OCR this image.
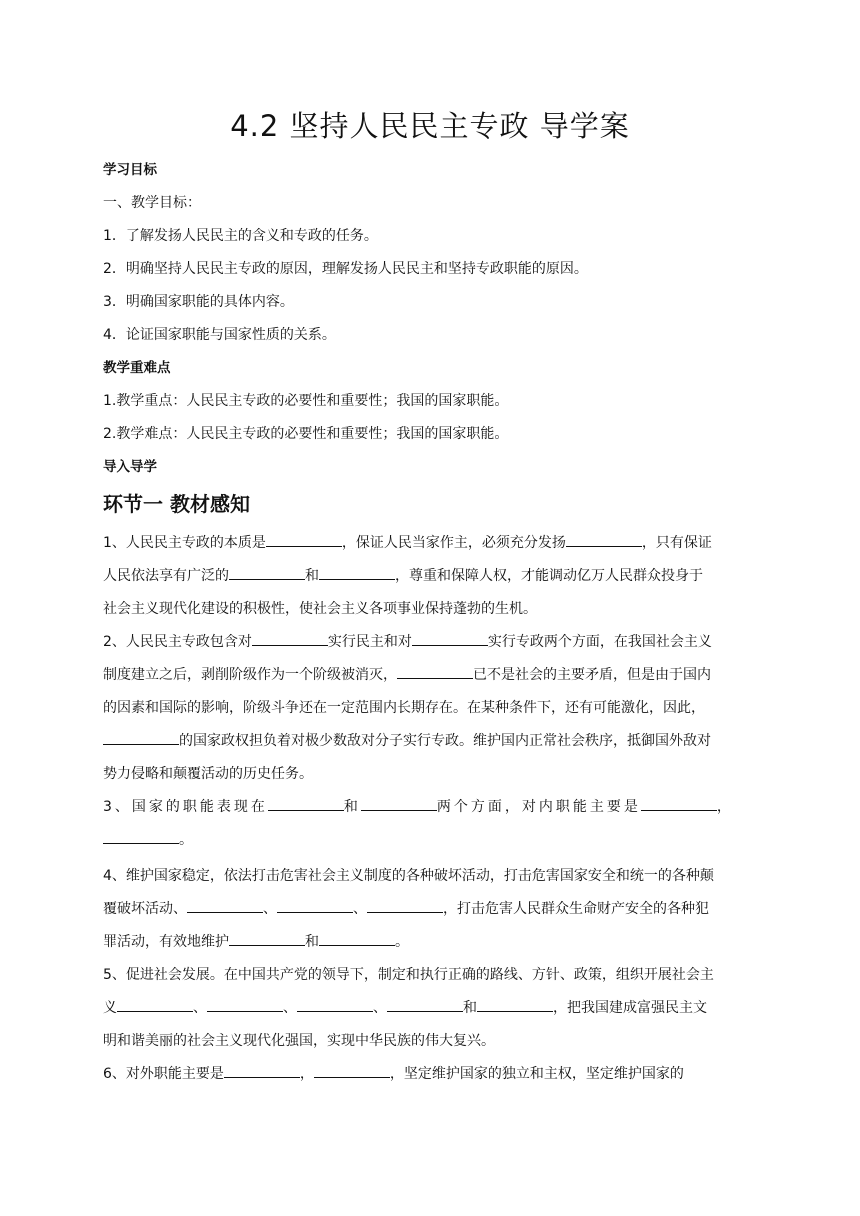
4.2 坚持人民民主专政 导学案
学习目标
一、教学目标：
1．了解发扬人民民主的含义和专政的任务。
2．明确坚持人民民主专政的原因，理解发扬人民民主和坚持专政职能的原因。
3．明确国家职能的具体内容。
4．论证国家职能与国家性质的关系。
教学重难点
1.教学重点：人民民主专政的必要性和重要性；我国的国家职能。
2.教学难点：人民民主专政的必要性和重要性；我国的国家职能。
导入导学
环节一 教材感知
1、人民民主专政的本质是	，保证人民当家作主，必须充分发扬	，只有保证
人民依法享有广泛的	和	，尊重和保障人权，才能调动亿万人民群众投身于
社会主义现代化建设的积极性，使社会主义各项事业保持蓬勃的生机。
2、人民民主专政包含对	实行民主和对	实行专政两个方面，在我国社会主义
制度建立之后，剥削阶级作为一个阶级被消灭，	已不是社会的主要矛盾，但是由于国内
的因素和国际的影响，阶级斗争还在一定范围内长期存在。在某种条件下，还有可能激化，因此，
的国家政权担负着对极少数敌对分子实行专政。维护国内正常社会秩序，抵御国外敌对
势力侵略和颠覆活动的历史任务。
3、国家的职能表现在	和	两个方面，对内职能主要是	，
。
4、维护国家稳定，依法打击危害社会主义制度的各种破坏活动，打击危害国家安全和统一的各种颠
覆破坏活动、	、	、	，打击危害人民群众生命财产安全的各种犯
罪活动，有效地维护	和	。
5、促进社会发展。在中国共产党的领导下，制定和执行正确的路线、方针、政策，组织开展社会主
义	、	、	、	和	，把我国建成富强民主文
明和谐美丽的社会主义现代化强国，实现中华民族的伟大复兴。
6、对外职能主要是	，	，坚定维护国家的独立和主权，坚定维护国家的
